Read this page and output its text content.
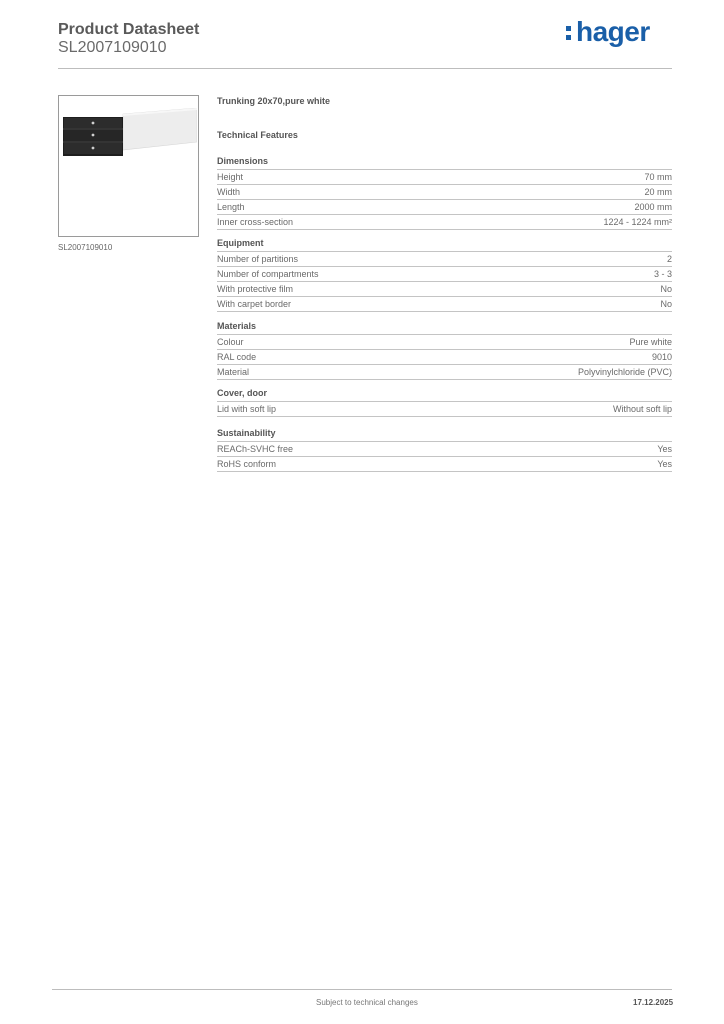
Product Datasheet
SL2007109010
hager
SL2007109010
Trunking 20x70,pure white
Technical Features
Dimensions
Height	70 mm
Width	20 mm
Length	2000 mm
Inner cross-section	1224 - 1224 mm²
Equipment
Number of partitions	2
Number of compartments	3 - 3
With protective film	No
With carpet border	No
Materials
Colour	Pure white
RAL code	9010
Material	Polyvinylchloride (PVC)
Cover, door
Lid with soft lip	Without soft lip
Sustainability
REACh-SVHC free	Yes
RoHS conform	Yes
Subject to technical changes	17.12.2025
